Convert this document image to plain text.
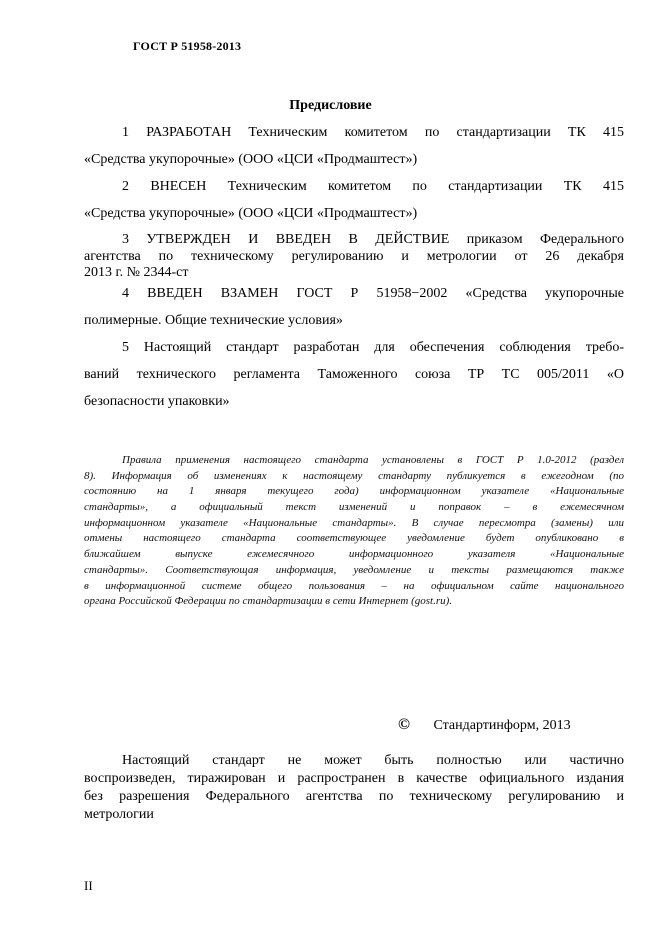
ГОСТ Р 51958-2013
Предисловие
1 РАЗРАБОТАН Техническим комитетом по стандартизации ТК 415
«Средства укупорочные» (ООО «ЦСИ «Продмаштест»)
2 ВНЕСЕН Техническим комитетом по стандартизации ТК 415
«Средства укупорочные» (ООО «ЦСИ «Продмаштест»)
3 УТВЕРЖДЕН И ВВЕДЕН В ДЕЙСТВИЕ приказом Федерального
агентства по техническому регулированию и метрологии от 26 декабря
2013 г. № 2344-ст
4 ВВЕДЕН ВЗАМЕН ГОСТ Р 51958−2002 «Средства укупорочные
полимерные. Общие технические условия»
5 Настоящий стандарт разработан для обеспечения соблюдения требо-
ваний технического регламента Таможенного союза ТР ТС 005/2011 «О
безопасности упаковки»
Правила применения настоящего стандарта установлены в ГОСТ Р 1.0-2012 (раздел
8). Информация об изменениях к настоящему стандарту публикуется в ежегодном (по
состоянию на 1 января текущего года) информационном указателе «Национальные
стандарты», а официальный текст изменений и поправок – в ежемесячном
информационном указателе «Национальные стандарты». В случае пересмотра (замены) или
отмены настоящего стандарта соответствующее уведомление будет опубликовано в
ближайшем выпуске ежемесячного информационного указателя «Национальные
стандарты». Соответствующая информация, уведомление и тексты размещаются также
в информационной системе общего пользования – на официальном сайте национального
органа Российской Федерации по стандартизации в сети Интернет (gost.ru).
© Стандартинформ, 2013
Настоящий стандарт не может быть полностью или частично
воспроизведен, тиражирован и распространен в качестве официального издания
без разрешения Федерального агентства по техническому регулированию и
метрологии
II
